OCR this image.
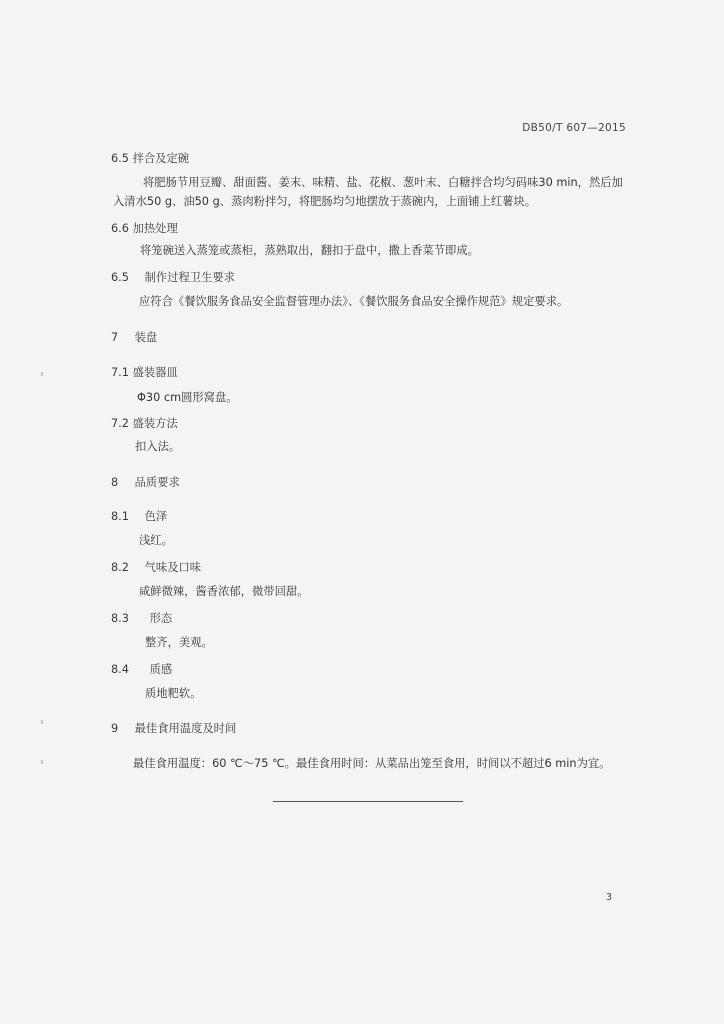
DB50/T 607—2015
6.5 拌合及定碗
将肥肠节用豆瓣、甜面酱、姜末、味精、盐、花椒、葱叶末、白糖拌合均匀码味30 min，然后加
入清水50 g、油50 g、蒸肉粉拌匀，将肥肠均匀地摆放于蒸碗内，上面铺上红薯块。
6.6 加热处理
将笼碗送入蒸笼或蒸柜，蒸熟取出，翻扣于盘中，撒上香菜节即成。
6.5 制作过程卫生要求
应符合《餐饮服务食品安全监督管理办法》、《餐饮服务食品安全操作规范》规定要求。
7 装盘
7.1 盛装器皿
Φ30 cm圆形窝盘。
7.2 盛装方法
扣入法。
8 品质要求
8.1 色泽
浅红。
8.2 气味及口味
咸鲜微辣，酱香浓郁，微带回甜。
8.3 形态
整齐，美观。
8.4 质感
质地粑软。
9 最佳食用温度及时间
最佳食用温度：60 ℃～75 ℃。最佳食用时间：从菜品出笼至食用，时间以不超过6 min为宜。
3
